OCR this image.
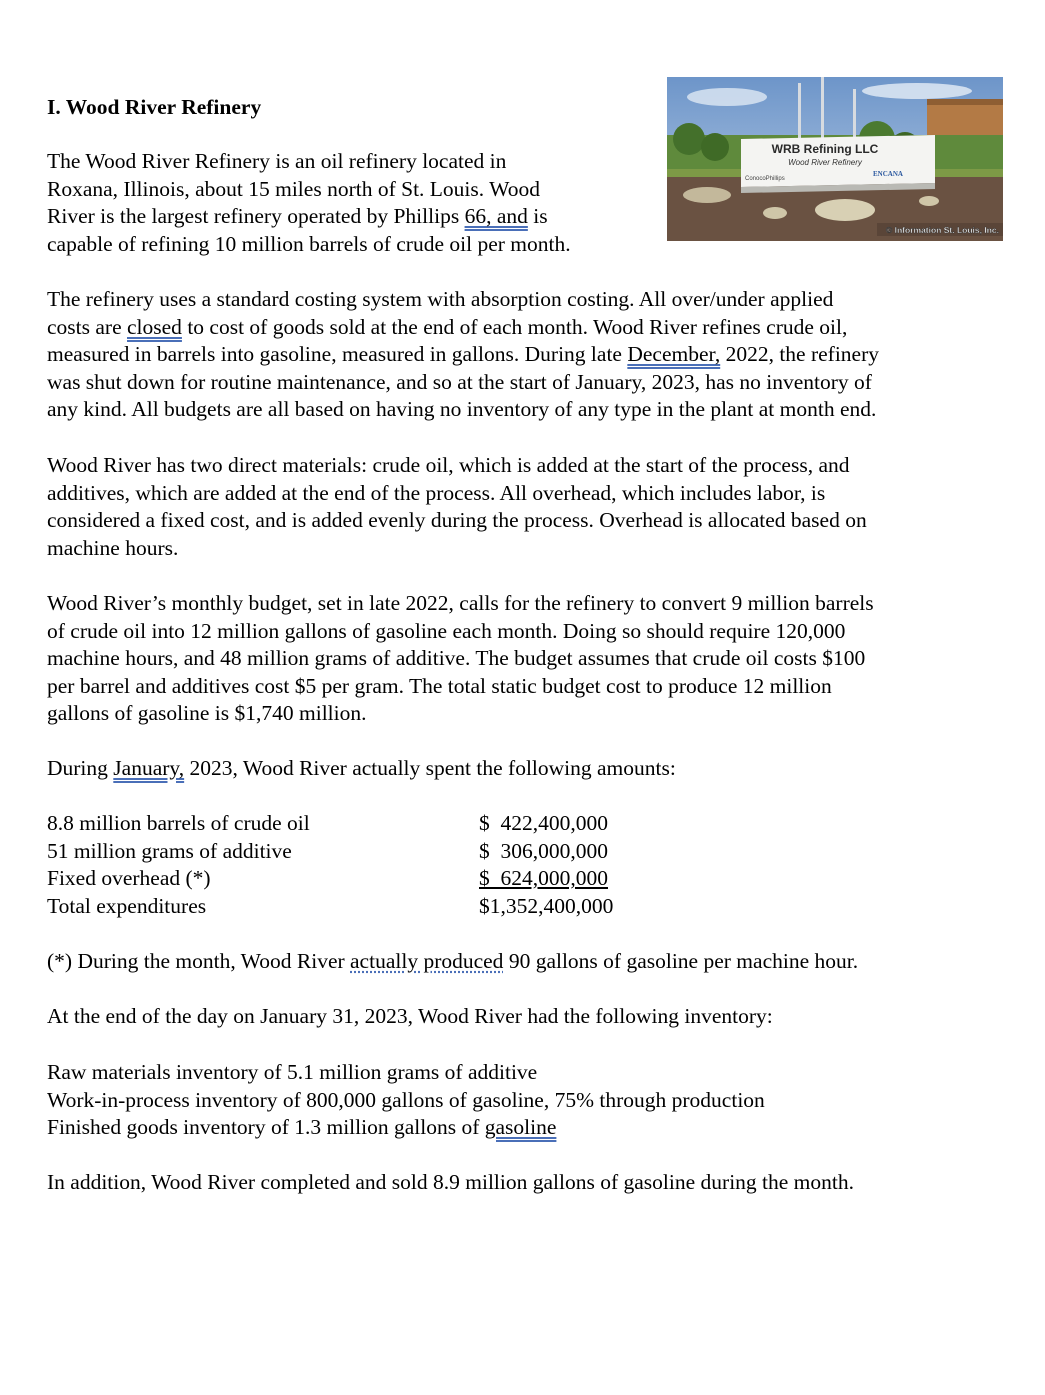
I. Wood River Refinery
WRB Refining LLC
Wood River Refinery
ConocoPhillips
ENCANA
© Information St. Louis, Inc.
The Wood River Refinery is an oil refinery located in
Roxana, Illinois, about 15 miles north of St. Louis. Wood
River is the largest refinery operated by Phillips 66, and is
capable of refining 10 million barrels of crude oil per month.
The refinery uses a standard costing system with absorption costing. All over/under applied
costs are closed to cost of goods sold at the end of each month. Wood River refines crude oil,
measured in barrels into gasoline, measured in gallons. During late December, 2022, the refinery
was shut down for routine maintenance, and so at the start of January, 2023, has no inventory of
any kind. All budgets are all based on having no inventory of any type in the plant at month end.
Wood River has two direct materials: crude oil, which is added at the start of the process, and
additives, which are added at the end of the process. All overhead, which includes labor, is
considered a fixed cost, and is added evenly during the process. Overhead is allocated based on
machine hours.
Wood River’s monthly budget, set in late 2022, calls for the refinery to convert 9 million barrels
of crude oil into 12 million gallons of gasoline each month. Doing so should require 120,000
machine hours, and 48 million grams of additive. The budget assumes that crude oil costs $100
per barrel and additives cost $5 per gram. The total static budget cost to produce 12 million
gallons of gasoline is $1,740 million.
During January, 2023, Wood River actually spent the following amounts:
8.8 million barrels of crude oil	$  422,400,000
51 million grams of additive	$  306,000,000
Fixed overhead (*)	$  624,000,000
Total expenditures	$1,352,400,000
(*) During the month, Wood River actually produced 90 gallons of gasoline per machine hour.
At the end of the day on January 31, 2023, Wood River had the following inventory:
Raw materials inventory of 5.1 million grams of additive
Work-in-process inventory of 800,000 gallons of gasoline, 75% through production
Finished goods inventory of 1.3 million gallons of gasoline
In addition, Wood River completed and sold 8.9 million gallons of gasoline during the month.
